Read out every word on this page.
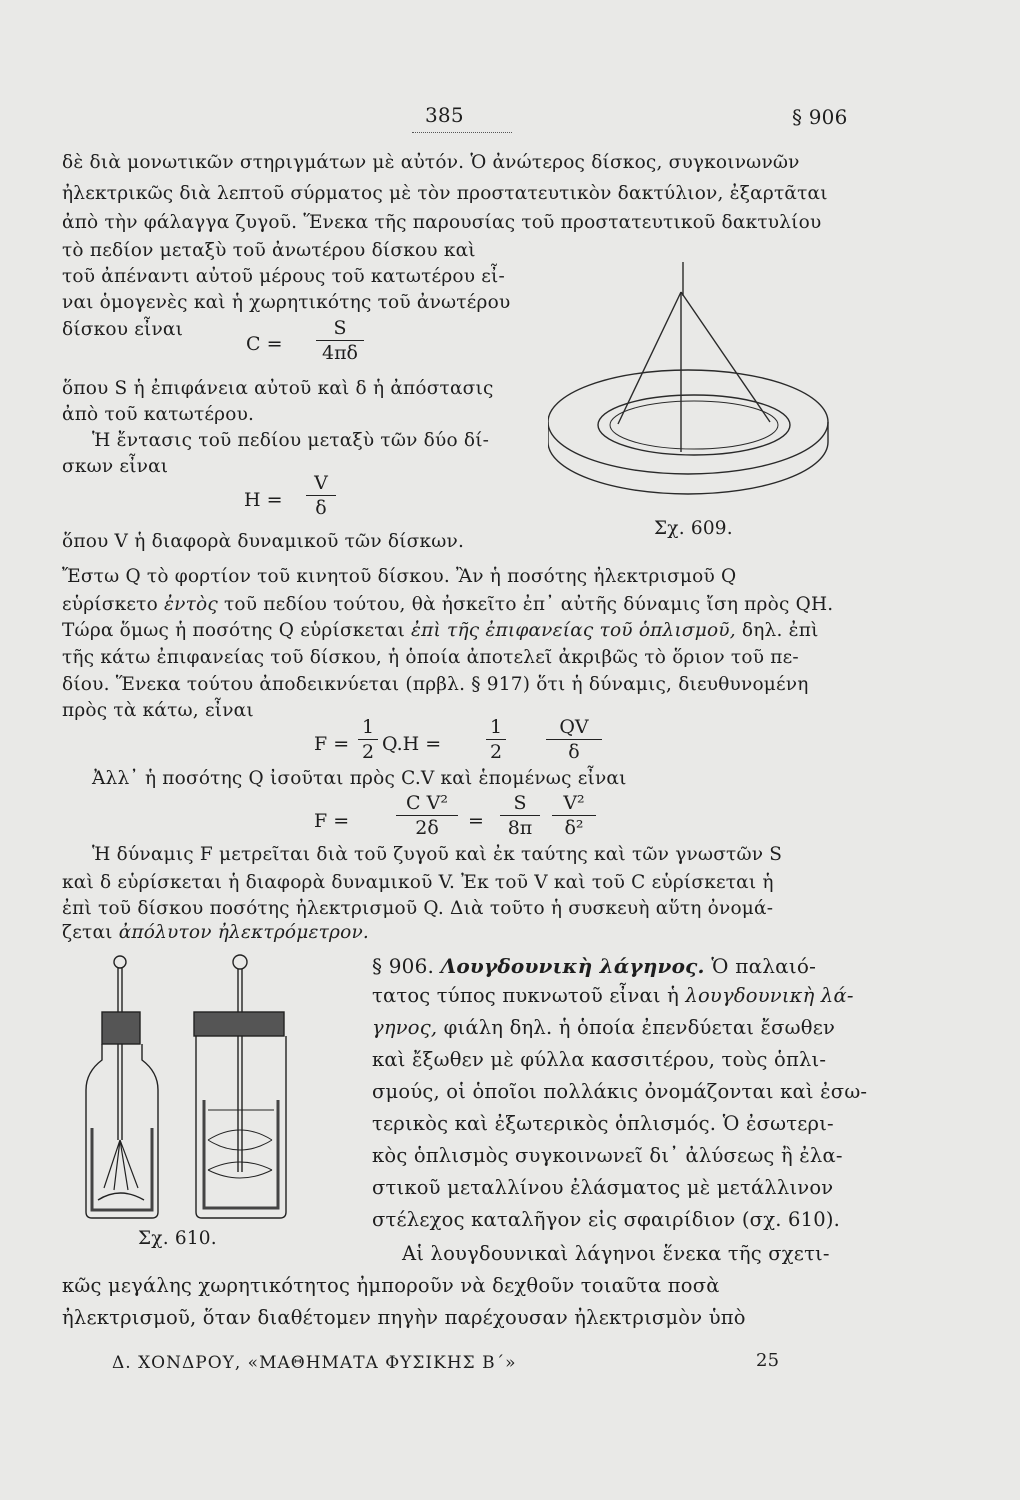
385	§ 906
δὲ διὰ μονωτικῶν στηριγμάτων μὲ αὐτόν. Ὁ ἀνώτερος δίσκος, συγκοινωνῶν
ἠλεκτρικῶς διὰ λεπτοῦ σύρματος μὲ τὸν προστατευτικὸν δακτύλιον, ἐξαρτᾶται
ἀπὸ τὴν φάλαγγα ζυγοῦ. Ἕνεκα τῆς παρουσίας τοῦ προστατευτικοῦ δακτυλίου
τὸ πεδίον μεταξὺ τοῦ ἀνωτέρου δίσκου καὶ
τοῦ ἀπέναντι αὐτοῦ μέρους τοῦ κατωτέρου εἶ-
ναι ὁμογενὲς καὶ ἡ χωρητικότης τοῦ ἀνωτέρου
δίσκου εἶναι
C =
S
4πδ
ὅπου S ἡ ἐπιφάνεια αὐτοῦ καὶ δ ἡ ἀπόστασις
ἀπὸ τοῦ κατωτέρου.
Ἡ ἔντασις τοῦ πεδίου μεταξὺ τῶν δύο δί-
σκων εἶναι
H =
V
δ
ὅπου V ἡ διαφορὰ δυναμικοῦ τῶν δίσκων.
Σχ. 609.
Ἔστω Q τὸ φορτίον τοῦ κινητοῦ δίσκου. Ἂν ἡ ποσότης ἠλεκτρισμοῦ Q
εὑρίσκετο ἐντὸς τοῦ πεδίου τούτου, θὰ ἠσκεῖτο ἐπ᾽ αὐτῆς δύναμις ἴση πρὸς QH.
Τώρα ὅμως ἡ ποσότης Q εὑρίσκεται ἐπὶ τῆς ἐπιφανείας τοῦ ὁπλισμοῦ, δηλ. ἐπὶ
τῆς κάτω ἐπιφανείας τοῦ δίσκου, ἡ ὁποία ἀποτελεῖ ἀκριβῶς τὸ ὅριον τοῦ πε-
δίου. Ἕνεκα τούτου ἀποδεικνύεται (πρβλ. § 917) ὅτι ἡ δύναμις, διευθυνομένη
πρὸς τὰ κάτω, εἶναι
F =
1
2 Q.H =
1
2
QV
δ
Ἀλλ᾽ ἡ ποσότης Q ἰσοῦται πρὸς C.V καὶ ἑπομένως εἶναι
F =
C V²
2δ	=
S
8π
V²
δ²
Ἡ δύναμις F μετρεῖται διὰ τοῦ ζυγοῦ καὶ ἐκ ταύτης καὶ τῶν γνωστῶν S
καὶ δ εὑρίσκεται ἡ διαφορὰ δυναμικοῦ V. Ἐκ τοῦ V καὶ τοῦ C εὑρίσκεται ἡ
ἐπὶ τοῦ δίσκου ποσότης ἠλεκτρισμοῦ Q. Διὰ τοῦτο ἡ συσκευὴ αὕτη ὀνομά-
ζεται ἀπόλυτον ἠλεκτρόμετρον.
§ 906. Λουγδουνικὴ λάγηνος. Ὁ παλαιό-
τατος τύπος πυκνωτοῦ εἶναι ἡ λουγδουνικὴ λά-
γηνος, φιάλη δηλ. ἡ ὁποία ἐπενδύεται ἔσωθεν
καὶ ἔξωθεν μὲ φύλλα κασσιτέρου, τοὺς ὁπλι-
σμούς, οἱ ὁποῖοι πολλάκις ὀνομάζονται καὶ ἐσω-
τερικὸς καὶ ἐξωτερικὸς ὁπλισμός. Ὁ ἐσωτερι-
κὸς ὁπλισμὸς συγκοινωνεῖ δι᾽ ἀλύσεως ἢ ἐλα-
στικοῦ μεταλλίνου ἐλάσματος μὲ μετάλλινον
στέλεχος καταλῆγον εἰς σφαιρίδιον (σχ. 610).
Αἱ λουγδουνικαὶ λάγηνοι ἕνεκα τῆς σχετι-
κῶς μεγάλης χωρητικότητος ἠμποροῦν νὰ δεχθοῦν τοιαῦτα ποσὰ
ἠλεκτρισμοῦ, ὅταν διαθέτομεν πηγὴν παρέχουσαν ἠλεκτρισμὸν ὑπὸ
Σχ. 610.
Δ. ΧΟΝΔΡΟΥ, «ΜΑΘΗΜΑΤΑ ΦΥΣΙΚΗΣ Β΄»	25
